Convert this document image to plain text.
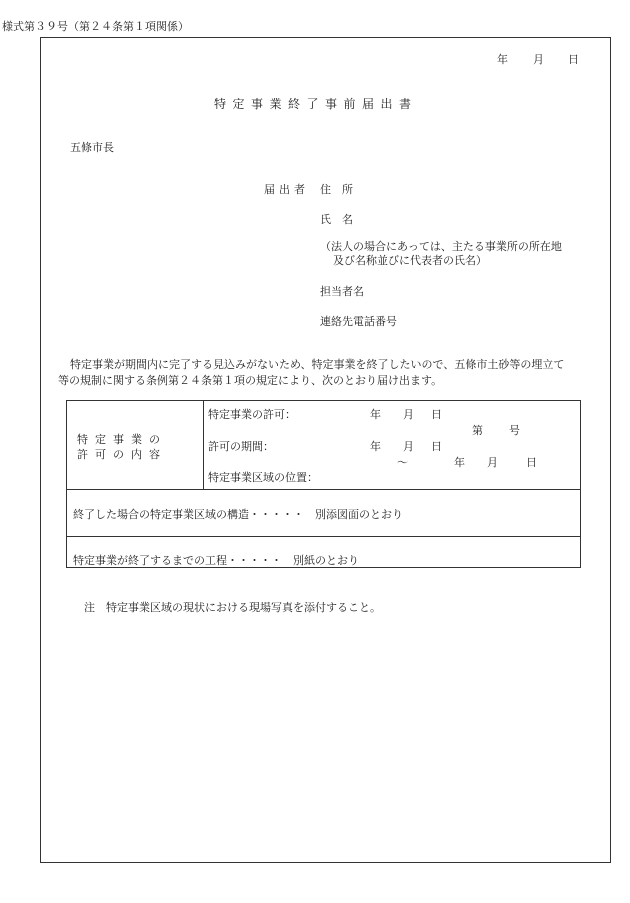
様式第３９号（第２４条第１項関係）
年 月 日
特定事業終了事前届出書
五條市長
届出者 住　所
氏　名
（法人の場合にあっては、主たる事業所の所在地
及び名称並びに代表者の氏名）
担当者名
連絡先電話番号
特定事業が期間内に完了する見込みがないため、特定事業を終了したいので、五條市土砂等の埋立て
等の規制に関する条例第２４条第１項の規定により、次のとおり届け出ます。
特定事業の
許可の内容
特定事業の許可：	年 月 日
第 号
許可の期間：	年 月 日
～	年 月	日
特定事業区域の位置：
終了した場合の特定事業区域の構造・・・・・　別添図面のとおり
特定事業が終了するまでの工程・・・・・　別紙のとおり
注　特定事業区域の現状における現場写真を添付すること。
